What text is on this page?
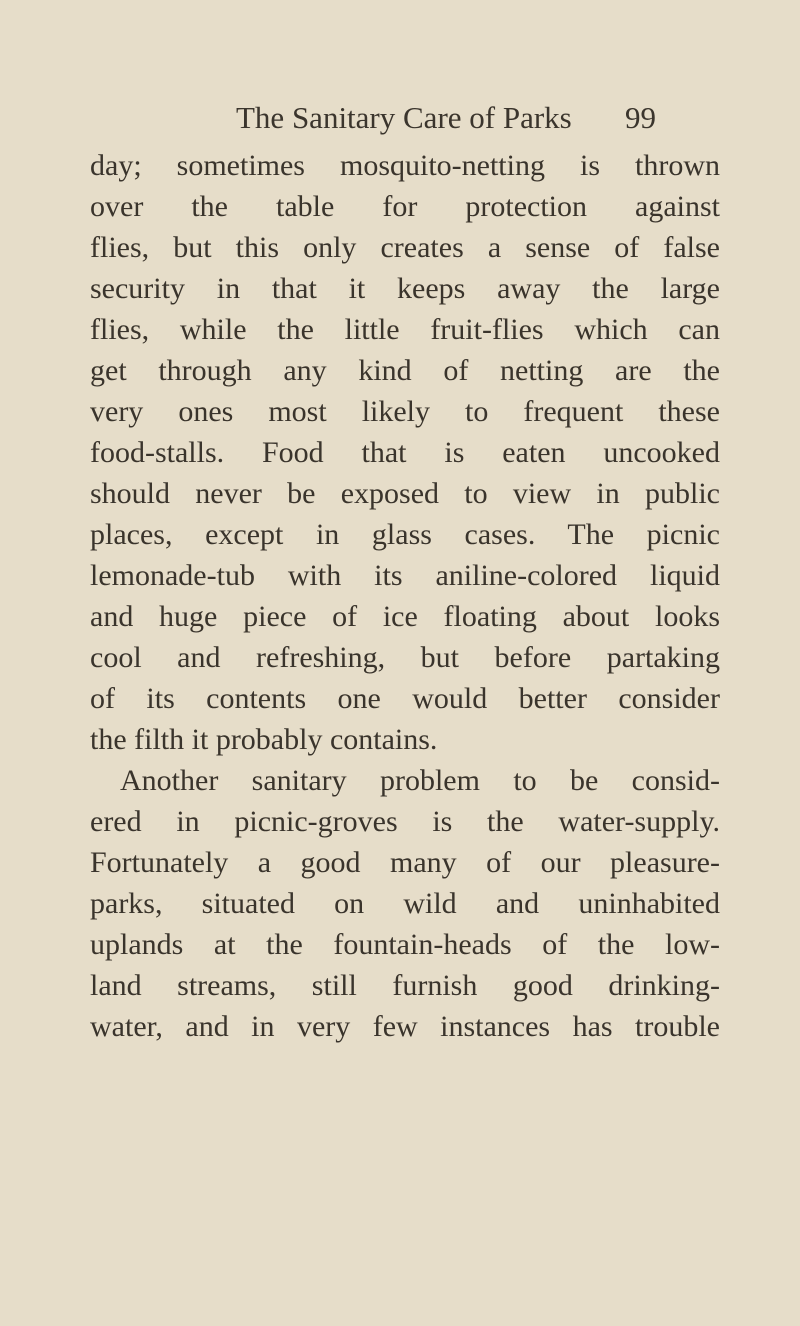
The Sanitary Care of Parks 99
day; sometimes mosquito-netting is thrown
over the table for protection against
flies, but this only creates a sense of false
security in that it keeps away the large
flies, while the little fruit-flies which can
get through any kind of netting are the
very ones most likely to frequent these
food-stalls. Food that is eaten uncooked
should never be exposed to view in public
places, except in glass cases. The picnic
lemonade-tub with its aniline-colored liquid
and huge piece of ice floating about looks
cool and refreshing, but before partaking
of its contents one would better consider
the filth it probably contains.
Another sanitary problem to be consid-
ered in picnic-groves is the water-supply.
Fortunately a good many of our pleasure-
parks, situated on wild and uninhabited
uplands at the fountain-heads of the low-
land streams, still furnish good drinking-
water, and in very few instances has trouble
